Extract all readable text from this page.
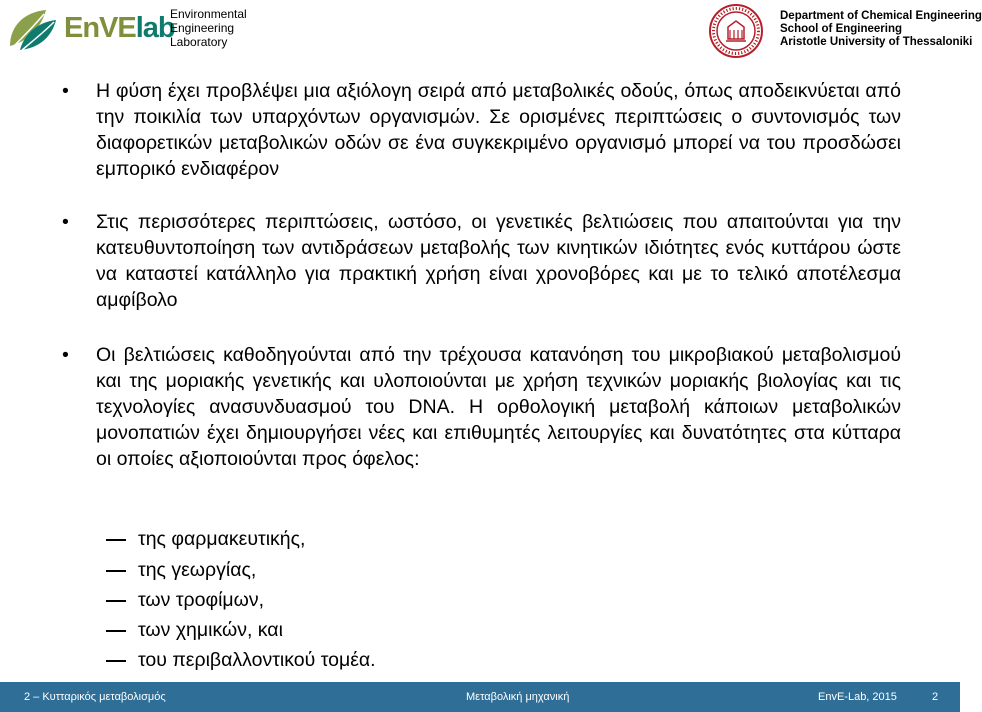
EnVElab
Environmental
Engineering
Laboratory
Department of Chemical Engineering
School of Engineering
Aristotle University of Thessaloniki
• Η φύση έχει προβλέψει μια αξιόλογη σειρά από μεταβολικές οδούς, όπως αποδεικνύεται από την ποικιλία των υπαρχόντων οργανισμών. Σε ορισμένες περιπτώσεις ο συντονισμός των διαφορετικών μεταβολικών οδών σε ένα συγκεκριμένο οργανισμό μπορεί να του προσδώσει εμπορικό ενδιαφέρον
• Στις περισσότερες περιπτώσεις, ωστόσο, οι γενετικές βελτιώσεις που απαιτούνται για την κατευθυντοποίηση των αντιδράσεων μεταβολής των κινητικών ιδιότητες ενός κυττάρου ώστε να καταστεί κατάλληλο για πρακτική χρήση είναι χρονοβόρες και με το τελικό αποτέλεσμα αμφίβολο
• Οι βελτιώσεις καθοδηγούνται από την τρέχουσα κατανόηση του μικροβιακού μεταβολισμού και της μοριακής γενετικής και υλοποιούνται με χρήση τεχνικών μοριακής βιολογίας και τις τεχνολογίες ανασυνδυασμού του DNA. Η ορθολογική μεταβολή κάποιων μεταβολικών μονοπατιών έχει δημιουργήσει νέες και επιθυμητές λειτουργίες και δυνατότητες στα κύτταρα οι οποίες αξιοποιούνται προς όφελος:
της φαρμακευτικής,
της γεωργίας,
των τροφίμων,
των χημικών, και
του περιβαλλοντικού τομέα.
2 – Κυτταρικός μεταβολισμός	Μεταβολική μηχανική	EnvE-Lab, 2015	2
